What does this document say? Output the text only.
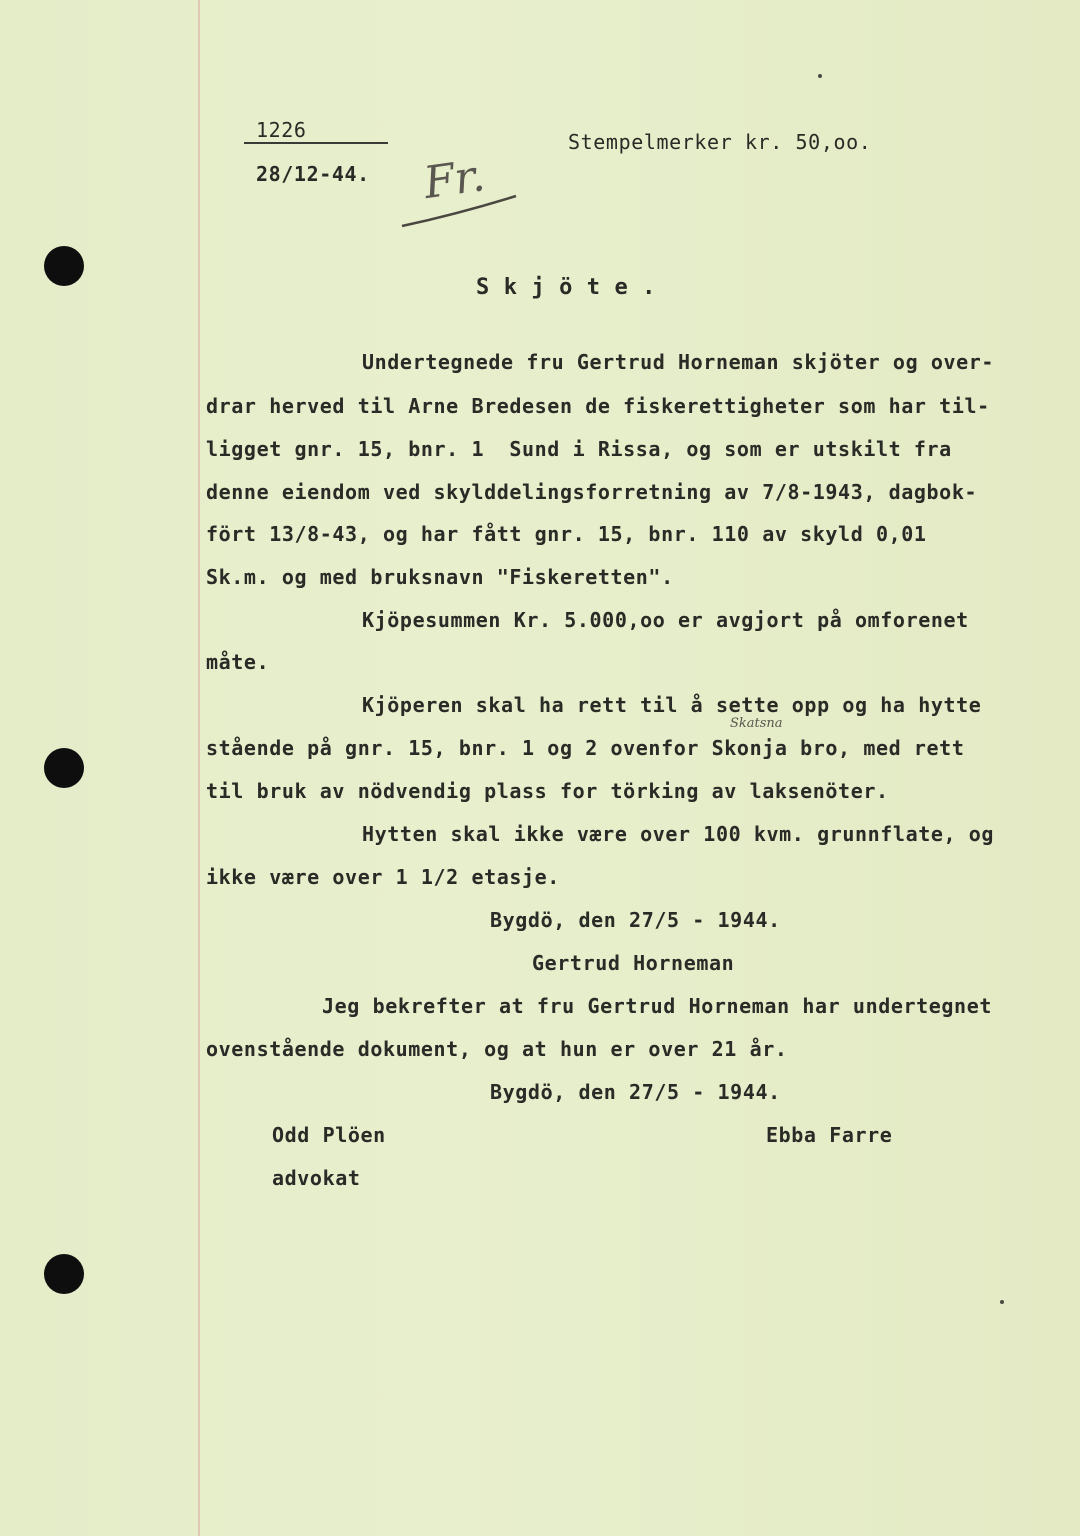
1226
28/12-44. Fr.
Stempelmerker kr. 50,oo.
S k j ö t e .
Undertegnede fru Gertrud Horneman skjöter og over-
drar herved til Arne Bredesen de fiskerettigheter som har til-
ligget gnr. 15, bnr. 1  Sund i Rissa, og som er utskilt fra
denne eiendom ved skylddelingsforretning av 7/8-1943, dagbok-
fört 13/8-43, og har fått gnr. 15, bnr. 110 av skyld 0,01
Sk.m. og med bruksnavn "Fiskeretten".
Kjöpesummen Kr. 5.000,oo er avgjort på omforenet
måte.
Kjöperen skal ha rett til å sette opp og ha hytte
Skatsna
stående på gnr. 15, bnr. 1 og 2 ovenfor Skonja bro, med rett
til bruk av nödvendig plass for törking av laksenöter.
Hytten skal ikke være over 100 kvm. grunnflate, og
ikke være over 1 1/2 etasje.
Bygdö, den 27/5 - 1944.
Gertrud Horneman
Jeg bekrefter at fru Gertrud Horneman har undertegnet
ovenstående dokument, og at hun er over 21 år.
Bygdö, den 27/5 - 1944.
Odd Plöen	Ebba Farre
advokat
